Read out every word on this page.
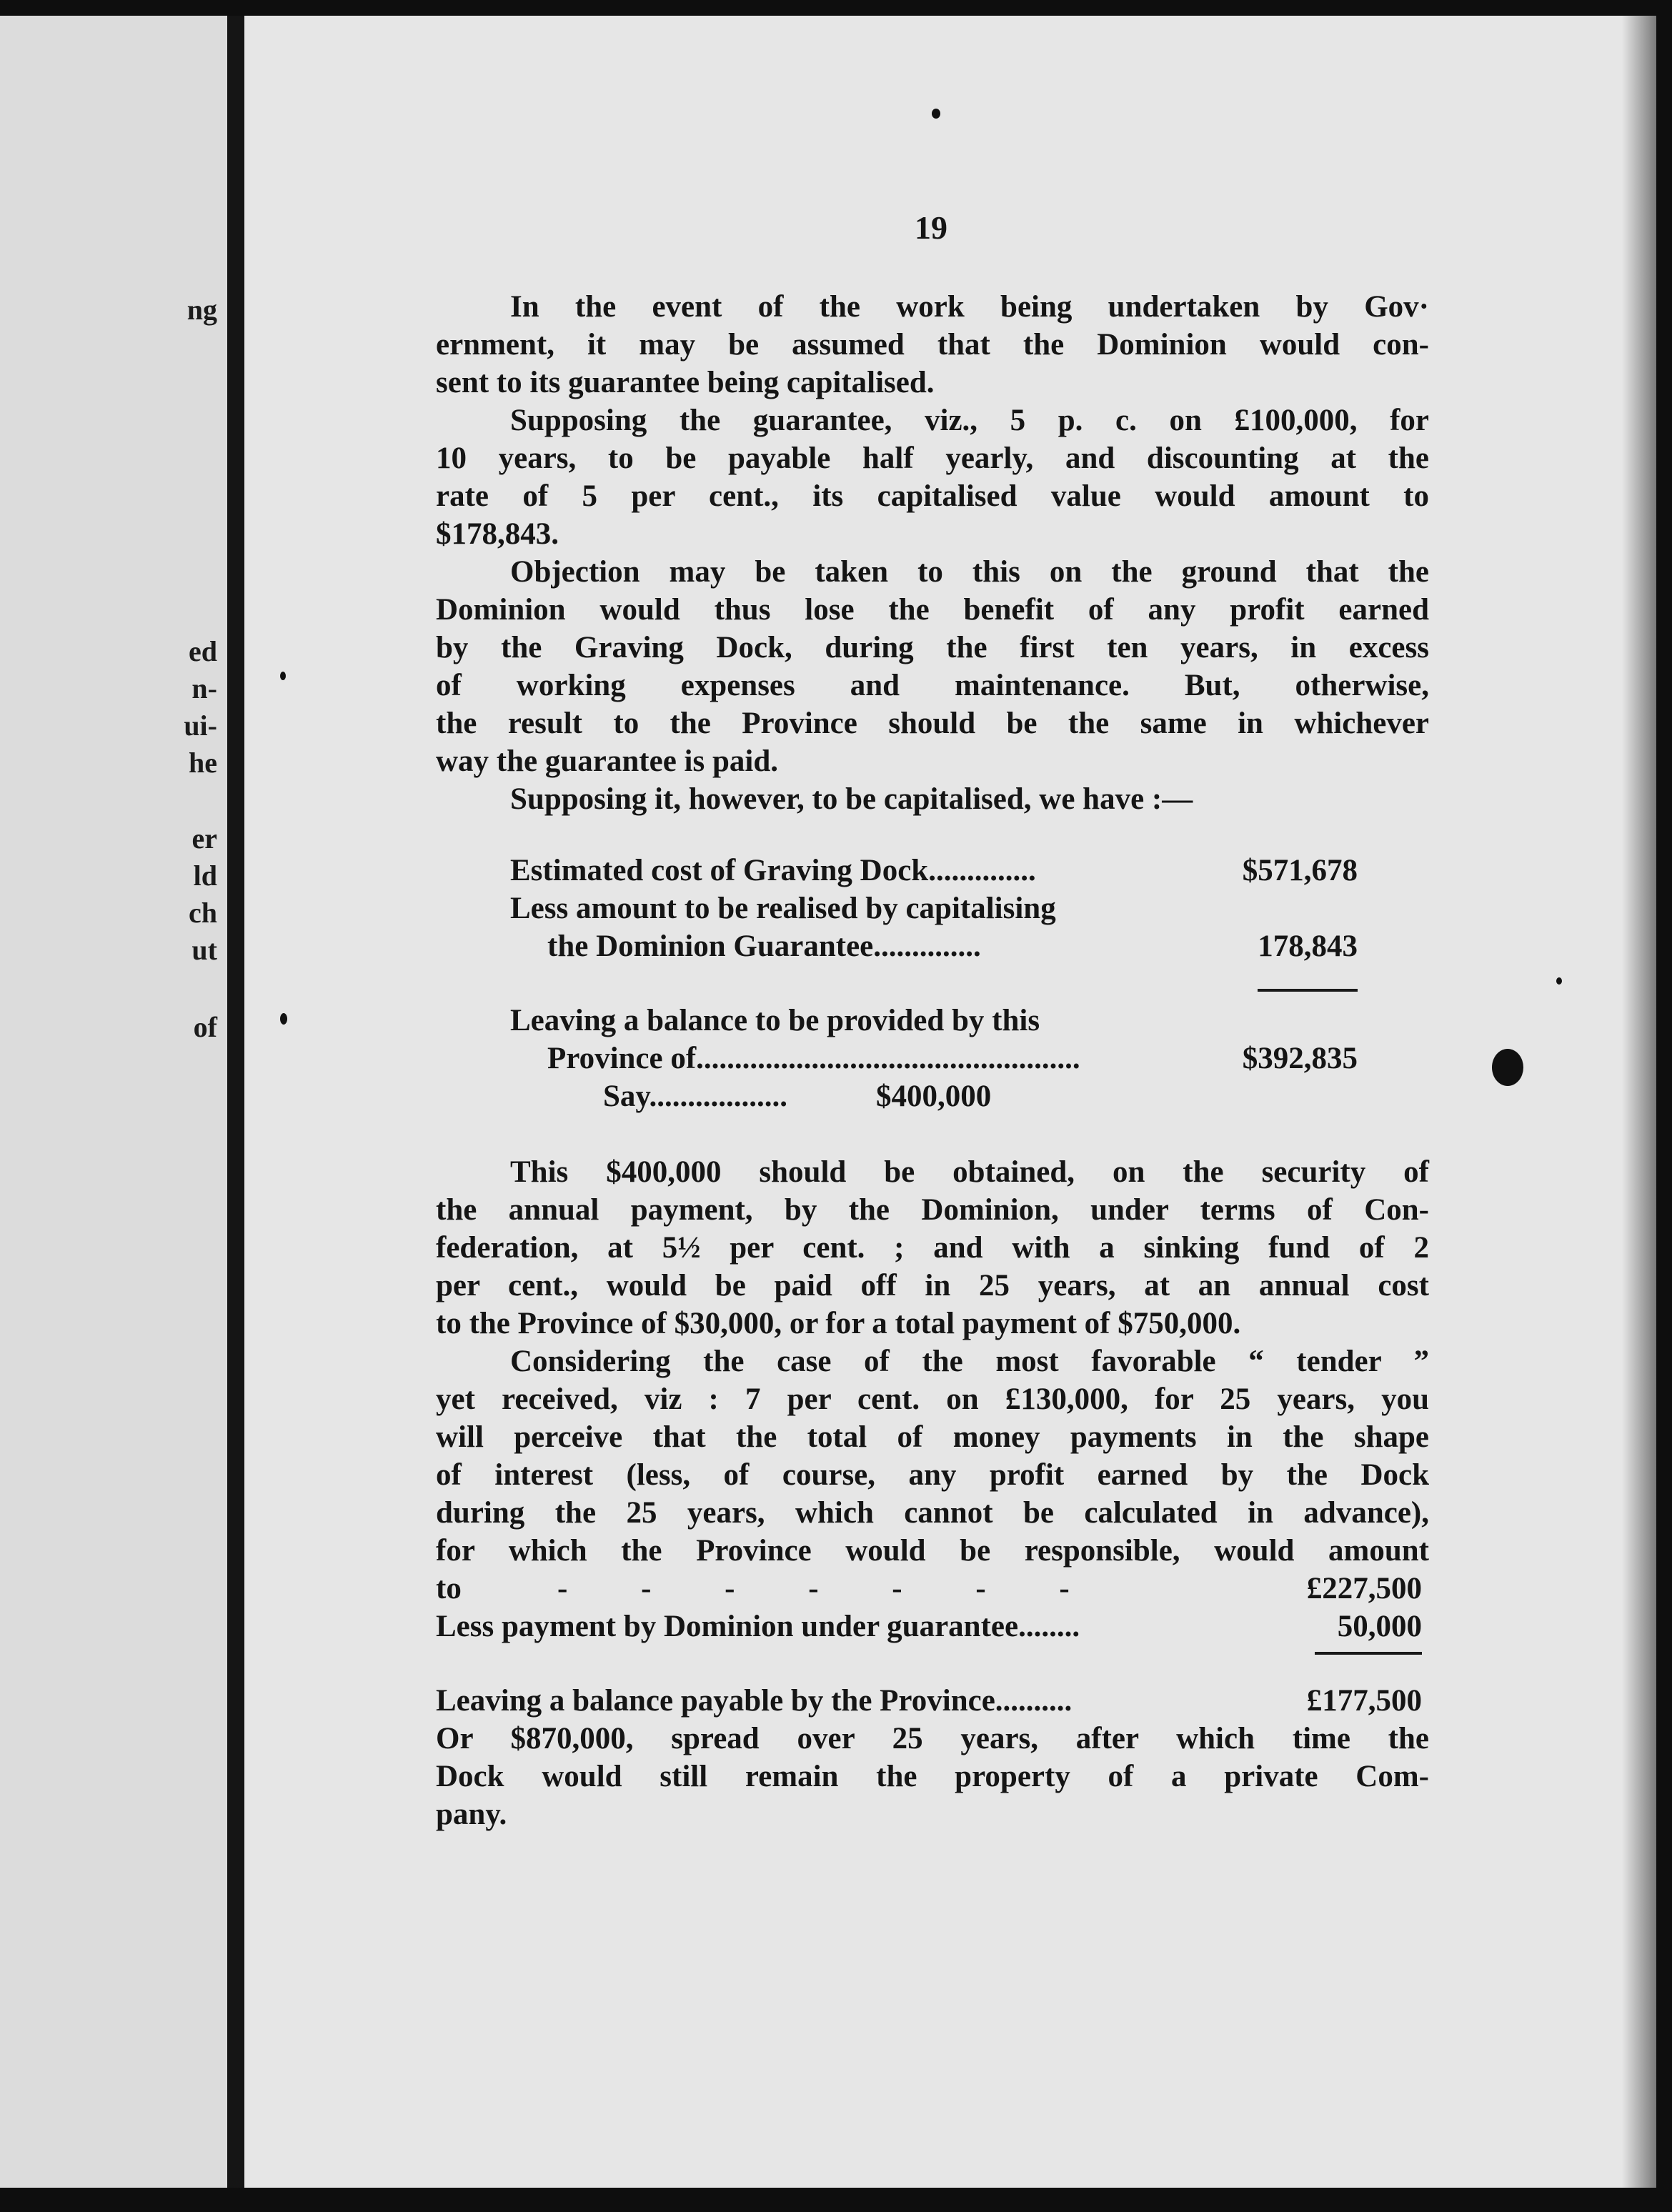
ng
ed
n-
ui-
he
er
ld
ch
ut
of
19
In the event of the work being undertaken by Gov·
ernment, it may be assumed that the Dominion would con-
sent to its guarantee being capitalised.
Supposing the guarantee, viz., 5 p. c. on £100,000, for
10 years, to be payable half yearly, and discounting at the
rate of 5 per cent., its capitalised value would amount to
$178,843.
Objection may be taken to this on the ground that the
Dominion would thus lose the benefit of any profit earned
by the Graving Dock, during the first ten years, in excess
of working expenses and maintenance. But, otherwise,
the result to the Province should be the same in whichever
way the guarantee is paid.
Supposing it, however, to be capitalised, we have :—
Estimated cost of Graving Dock..............	$571,678
Less amount to be realised by capitalising
the Dominion Guarantee..............	178,843
Leaving a balance to be provided by this
Province of..................................................	$392,835
Say..................	$400,000
This $400,000 should be obtained, on the security of
the annual payment, by the Dominion, under terms of Con-
federation, at 5½ per cent. ; and with a sinking fund of 2
per cent., would be paid off in 25 years, at an annual cost
to the Province of $30,000, or for a total payment of $750,000.
Considering the case of the most favorable “ tender ”
yet received, viz : 7 per cent. on £130,000, for 25 years, you
will perceive that the total of money payments in the shape
of interest (less, of course, any profit earned by the Dock
during the 25 years, which cannot be calculated in advance),
for which the Province would be responsible, would amount
to	- - - - - - -	£227,500
Less payment by Dominion under guarantee........	50,000
Leaving a balance payable by the Province..........	£177,500
Or $870,000, spread over 25 years, after which time the
Dock would still remain the property of a private Com-
pany.
